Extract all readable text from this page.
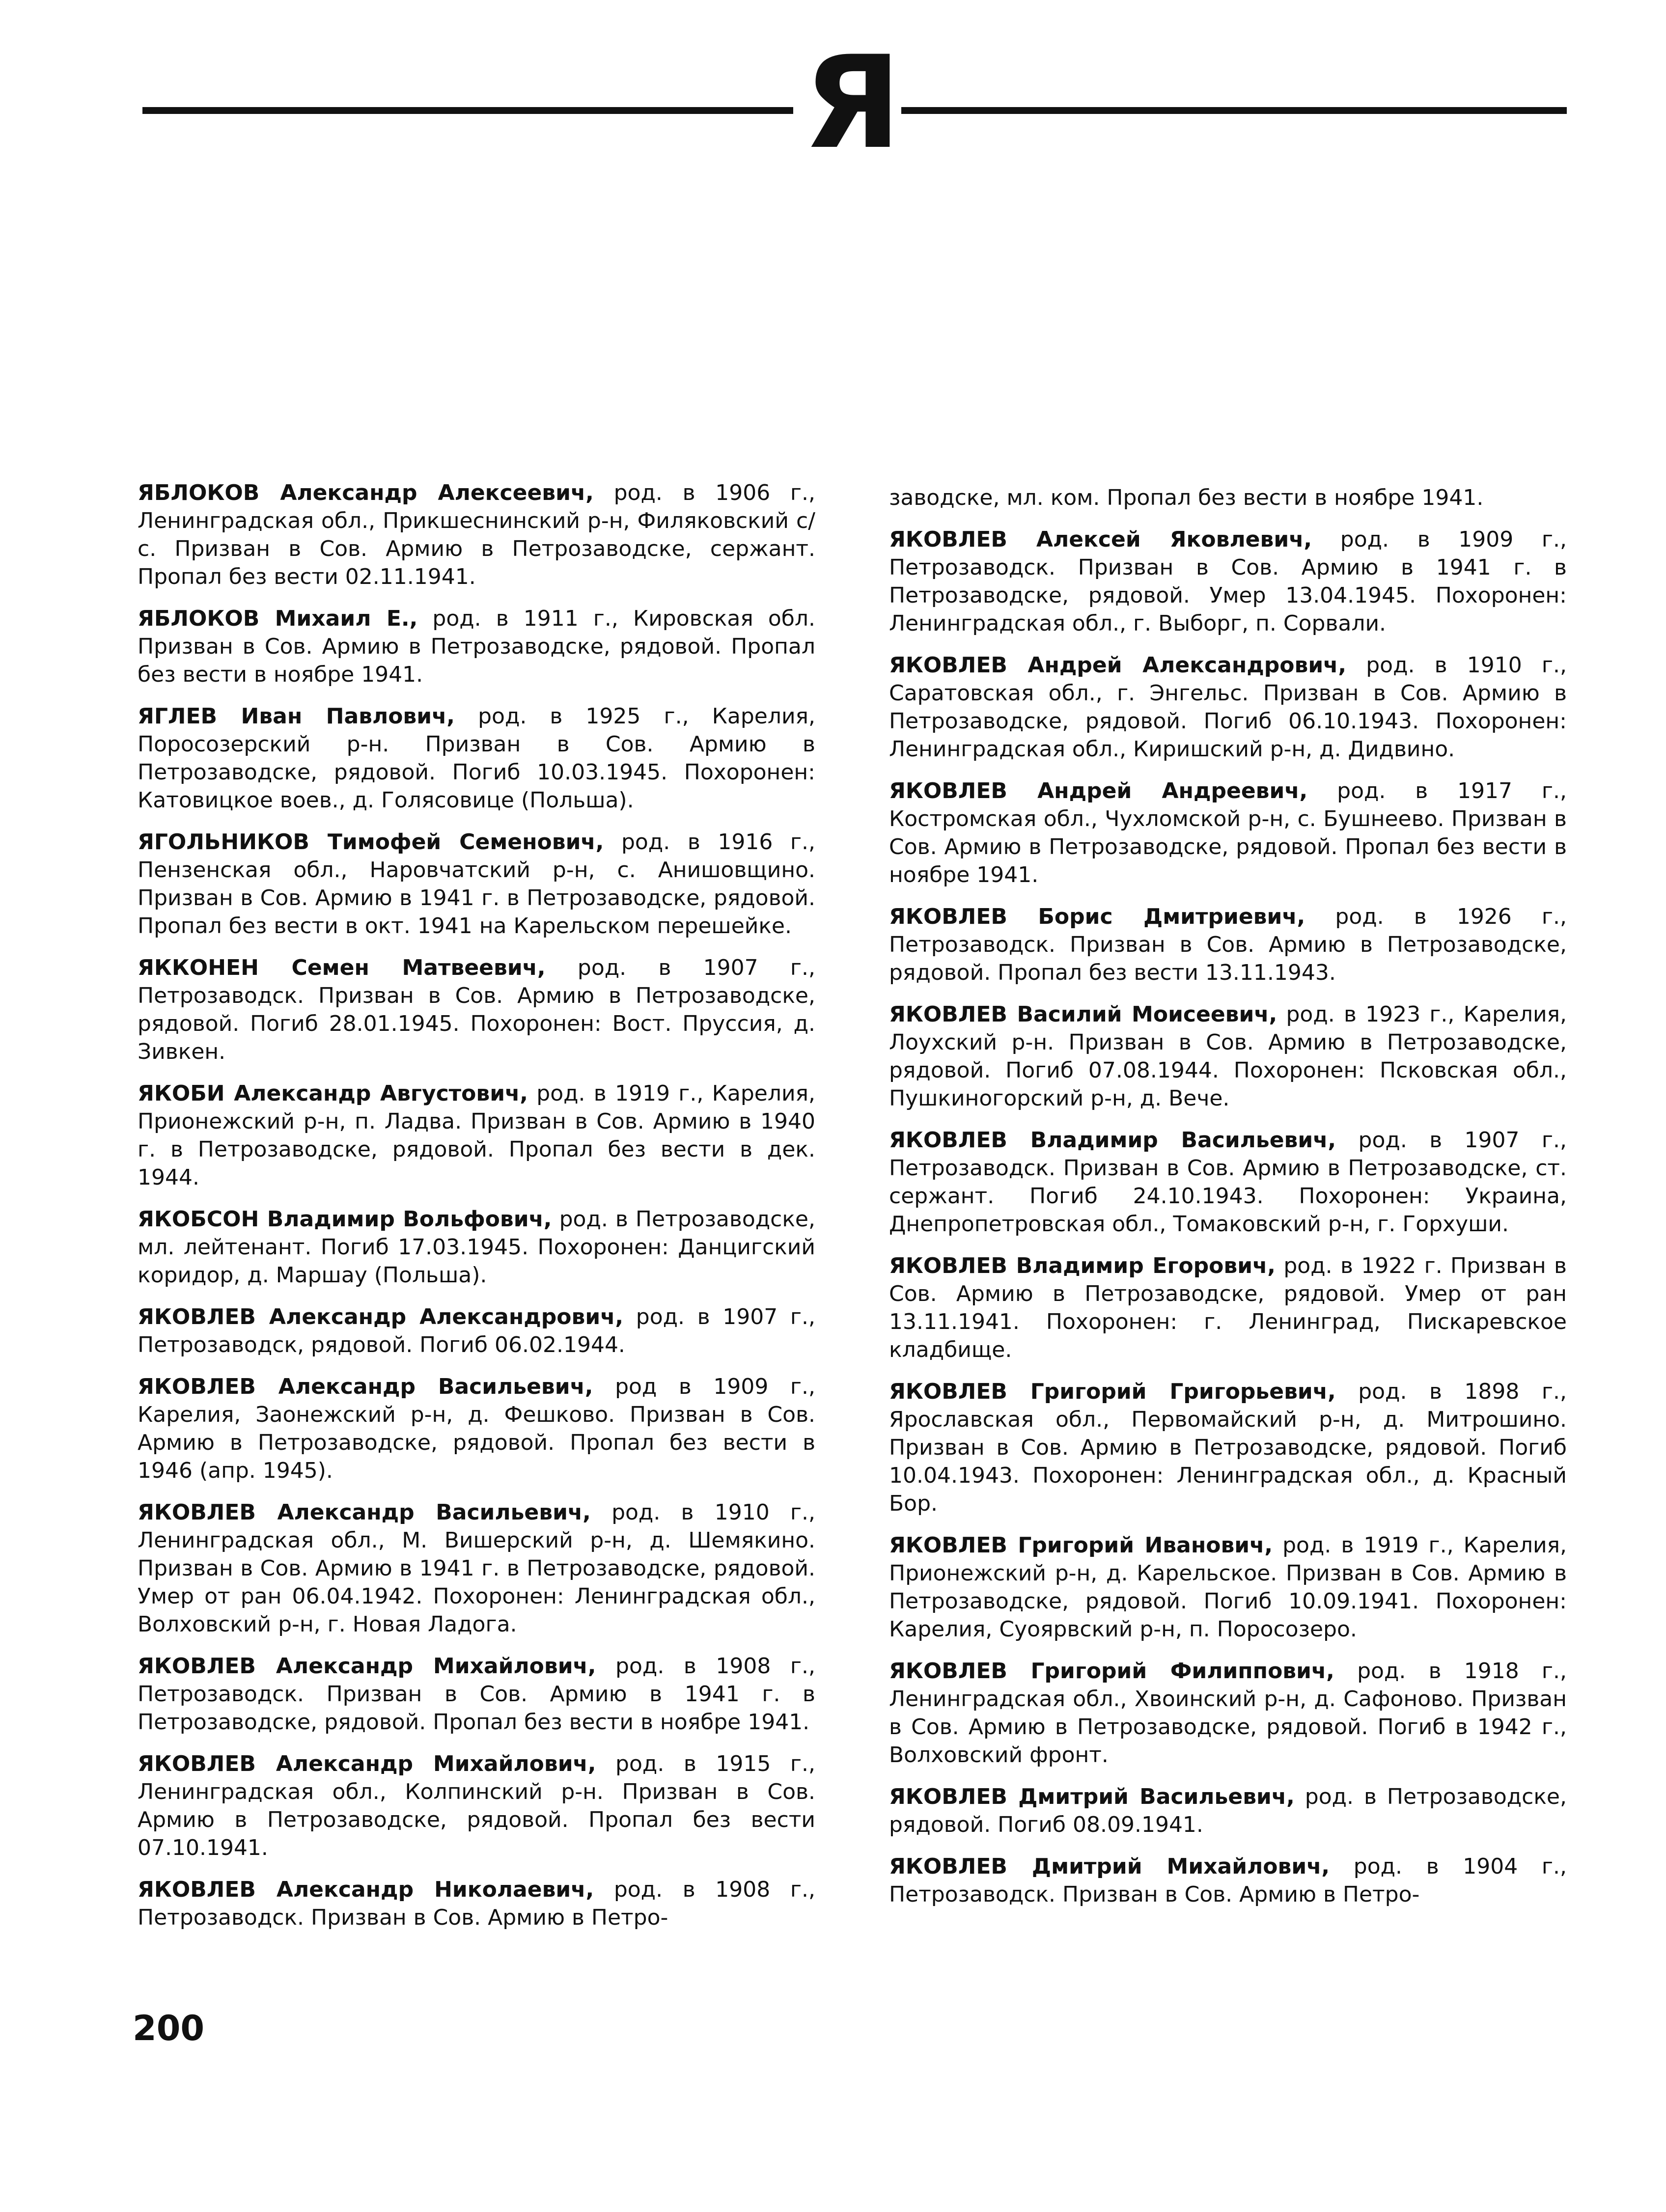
Я

ЯБЛОКОВ Александр Алексеевич, род. в 1906 г., Ленинградская обл., Прикшеснинский р-н, Филяковский с/с. Призван в Сов. Армию в Петрозаводске, сержант. Пропал без вести 02.11.1941.

ЯБЛОКОВ Михаил Е., род. в 1911 г., Кировская обл. Призван в Сов. Армию в Петрозаводске, рядовой. Пропал без вести в ноябре 1941.

ЯГЛЕВ Иван Павлович, род. в 1925 г., Карелия, Поросозерский р-н. Призван в Сов. Армию в Петрозаводске, рядовой. Погиб 10.03.1945. Похоронен: Катовицкое воев., д. Голясовице (Польша).

ЯГОЛЬНИКОВ Тимофей Семенович, род. в 1916 г., Пензенская обл., Наровчатский р-н, с. Анишовщино. Призван в Сов. Армию в 1941 г. в Петрозаводске, рядовой. Пропал без вести в окт. 1941 на Карельском перешейке.

ЯККОНЕН Семен Матвеевич, род. в 1907 г., Петрозаводск. Призван в Сов. Армию в Петрозаводске, рядовой. Погиб 28.01.1945. Похоронен: Вост. Пруссия, д. Зивкен.

ЯКОБИ Александр Августович, род. в 1919 г., Карелия, Прионежский р-н, п. Ладва. Призван в Сов. Армию в 1940 г. в Петрозаводске, рядовой. Пропал без вести в дек. 1944.

ЯКОБСОН Владимир Вольфович, род. в Петрозаводске, мл. лейтенант. Погиб 17.03.1945. Похоронен: Данцигский коридор, д. Маршау (Польша).

ЯКОВЛЕВ Александр Александрович, род. в 1907 г., Петрозаводск, рядовой. Погиб 06.02.1944.

ЯКОВЛЕВ Александр Васильевич, род в 1909 г., Карелия, Заонежский р-н, д. Фешково. Призван в Сов. Армию в Петрозаводске, рядовой. Пропал без вести в 1946 (апр. 1945).

ЯКОВЛЕВ Александр Васильевич, род. в 1910 г., Ленинградская обл., М. Вишерский р-н, д. Шемякино. Призван в Сов. Армию в 1941 г. в Петрозаводске, рядовой. Умер от ран 06.04.1942. Похоронен: Ленинградская обл., Волховский р-н, г. Новая Ладога.

ЯКОВЛЕВ Александр Михайлович, род. в 1908 г., Петрозаводск. Призван в Сов. Армию в 1941 г. в Петрозаводске, рядовой. Пропал без вести в ноябре 1941.

ЯКОВЛЕВ Александр Михайлович, род. в 1915 г., Ленинградская обл., Колпинский р-н. Призван в Сов. Армию в Петрозаводске, рядовой. Пропал без вести 07.10.1941.

ЯКОВЛЕВ Александр Николаевич, род. в 1908 г., Петрозаводск. Призван в Сов. Армию в Петро-

заводске, мл. ком. Пропал без вести в ноябре 1941.

ЯКОВЛЕВ Алексей Яковлевич, род. в 1909 г., Петрозаводск. Призван в Сов. Армию в 1941 г. в Петрозаводске, рядовой. Умер 13.04.1945. Похоронен: Ленинградская обл., г. Выборг, п. Сорвали.

ЯКОВЛЕВ Андрей Александрович, род. в 1910 г., Саратовская обл., г. Энгельс. Призван в Сов. Армию в Петрозаводске, рядовой. Погиб 06.10.1943. Похоронен: Ленинградская обл., Киришский р-н, д. Дидвино.

ЯКОВЛЕВ Андрей Андреевич, род. в 1917 г., Костромская обл., Чухломской р-н, с. Бушнеево. Призван в Сов. Армию в Петрозаводске, рядовой. Пропал без вести в ноябре 1941.

ЯКОВЛЕВ Борис Дмитриевич, род. в 1926 г., Петрозаводск. Призван в Сов. Армию в Петрозаводске, рядовой. Пропал без вести 13.11.1943.

ЯКОВЛЕВ Василий Моисеевич, род. в 1923 г., Карелия, Лоухский р-н. Призван в Сов. Армию в Петрозаводске, рядовой. Погиб 07.08.1944. Похоронен: Псковская обл., Пушкиногорский р-н, д. Вече.

ЯКОВЛЕВ Владимир Васильевич, род. в 1907 г., Петрозаводск. Призван в Сов. Армию в Петрозаводске, ст. сержант. Погиб 24.10.1943. Похоронен: Украина, Днепропетровская обл., Томаковский р-н, г. Горхуши.

ЯКОВЛЕВ Владимир Егорович, род. в 1922 г. Призван в Сов. Армию в Петрозаводске, рядовой. Умер от ран 13.11.1941. Похоронен: г. Ленинград, Пискаревское кладбище.

ЯКОВЛЕВ Григорий Григорьевич, род. в 1898 г., Ярославская обл., Первомайский р-н, д. Митрошино. Призван в Сов. Армию в Петрозаводске, рядовой. Погиб 10.04.1943. Похоронен: Ленинградская обл., д. Красный Бор.

ЯКОВЛЕВ Григорий Иванович, род. в 1919 г., Карелия, Прионежский р-н, д. Карельское. Призван в Сов. Армию в Петрозаводске, рядовой. Погиб 10.09.1941. Похоронен: Карелия, Суоярвский р-н, п. Поросозеро.

ЯКОВЛЕВ Григорий Филиппович, род. в 1918 г., Ленинградская обл., Хвоинский р-н, д. Сафоново. Призван в Сов. Армию в Петрозаводске, рядовой. Погиб в 1942 г., Волховский фронт.

ЯКОВЛЕВ Дмитрий Васильевич, род. в Петрозаводске, рядовой. Погиб 08.09.1941.

ЯКОВЛЕВ Дмитрий Михайлович, род. в 1904 г., Петрозаводск. Призван в Сов. Армию в Петро-

200
